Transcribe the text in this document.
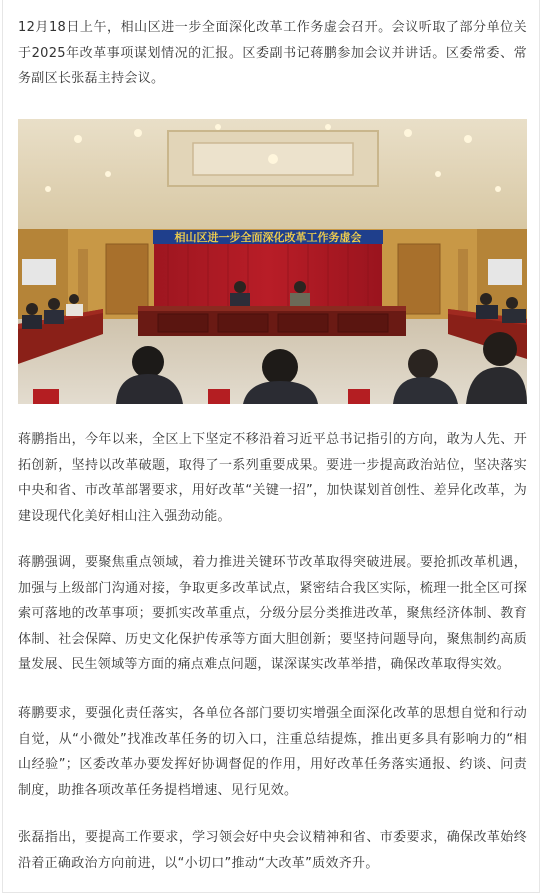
12月18日上午，相山区进一步全面深化改革工作务虚会召开。会议听取了部分单位关于2025年改革事项谋划情况的汇报。区委副书记蒋鹏参加会议并讲话。区委常委、常务副区长张磊主持会议。

相山区进一步全面深化改革工作务虚会

蒋鹏指出，今年以来，全区上下坚定不移沿着习近平总书记指引的方向，敢为人先、开拓创新，坚持以改革破题，取得了一系列重要成果。要进一步提高政治站位，坚决落实中央和省、市改革部署要求，用好改革“关键一招”，加快谋划首创性、差异化改革，为建设现代化美好相山注入强劲动能。

蒋鹏强调，要聚焦重点领域，着力推进关键环节改革取得突破进展。要抢抓改革机遇，加强与上级部门沟通对接，争取更多改革试点，紧密结合我区实际，梳理一批全区可探索可落地的改革事项；要抓实改革重点，分级分层分类推进改革，聚焦经济体制、教育体制、社会保障、历史文化保护传承等方面大胆创新；要坚持问题导向，聚焦制约高质量发展、民生领域等方面的痛点难点问题，谋深谋实改革举措，确保改革取得实效。

蒋鹏要求，要强化责任落实，各单位各部门要切实增强全面深化改革的思想自觉和行动自觉，从“小微处”找准改革任务的切入口，注重总结提炼，推出更多具有影响力的“相山经验”；区委改革办要发挥好协调督促的作用，用好改革任务落实通报、约谈、问责制度，助推各项改革任务提档增速、见行见效。

张磊指出，要提高工作要求，学习领会好中央会议精神和省、市委要求，确保改革始终沿着正确政治方向前进，以“小切口”推动“大改革”质效齐升。
